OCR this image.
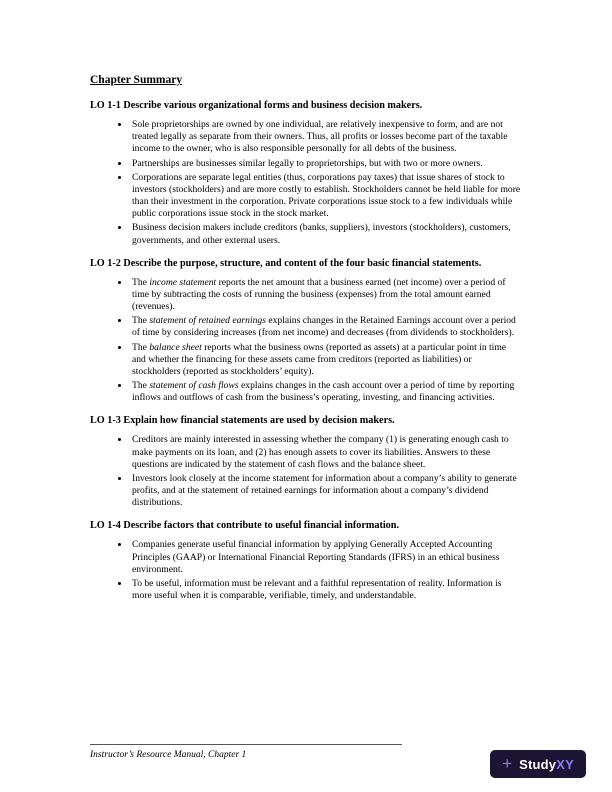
Chapter Summary
LO 1-1 Describe various organizational forms and business decision makers.
• Sole proprietorships are owned by one individual, are relatively inexpensive to form, and are not treated legally as separate from their owners. Thus, all profits or losses become part of the taxable income to the owner, who is also responsible personally for all debts of the business.
• Partnerships are businesses similar legally to proprietorships, but with two or more owners.
• Corporations are separate legal entities (thus, corporations pay taxes) that issue shares of stock to investors (stockholders) and are more costly to establish. Stockholders cannot be held liable for more than their investment in the corporation. Private corporations issue stock to a few individuals while public corporations issue stock in the stock market.
• Business decision makers include creditors (banks, suppliers), investors (stockholders), customers, governments, and other external users.
LO 1-2 Describe the purpose, structure, and content of the four basic financial statements.
• The income statement reports the net amount that a business earned (net income) over a period of time by subtracting the costs of running the business (expenses) from the total amount earned (revenues).
• The statement of retained earnings explains changes in the Retained Earnings account over a period of time by considering increases (from net income) and decreases (from dividends to stockholders).
• The balance sheet reports what the business owns (reported as assets) at a particular point in time and whether the financing for these assets came from creditors (reported as liabilities) or stockholders (reported as stockholders’ equity).
• The statement of cash flows explains changes in the cash account over a period of time by reporting inflows and outflows of cash from the business’s operating, investing, and financing activities.
LO 1-3 Explain how financial statements are used by decision makers.
• Creditors are mainly interested in assessing whether the company (1) is generating enough cash to make payments on its loan, and (2) has enough assets to cover its liabilities. Answers to these questions are indicated by the statement of cash flows and the balance sheet.
• Investors look closely at the income statement for information about a company’s ability to generate profits, and at the statement of retained earnings for information about a company’s dividend distributions.
LO 1-4 Describe factors that contribute to useful financial information.
• Companies generate useful financial information by applying Generally Accepted Accounting Principles (GAAP) or International Financial Reporting Standards (IFRS) in an ethical business environment.
• To be useful, information must be relevant and a faithful representation of reality. Information is more useful when it is comparable, verifiable, timely, and understandable.
Instructor’s Resource Manual, Chapter 1	+ StudyXY
